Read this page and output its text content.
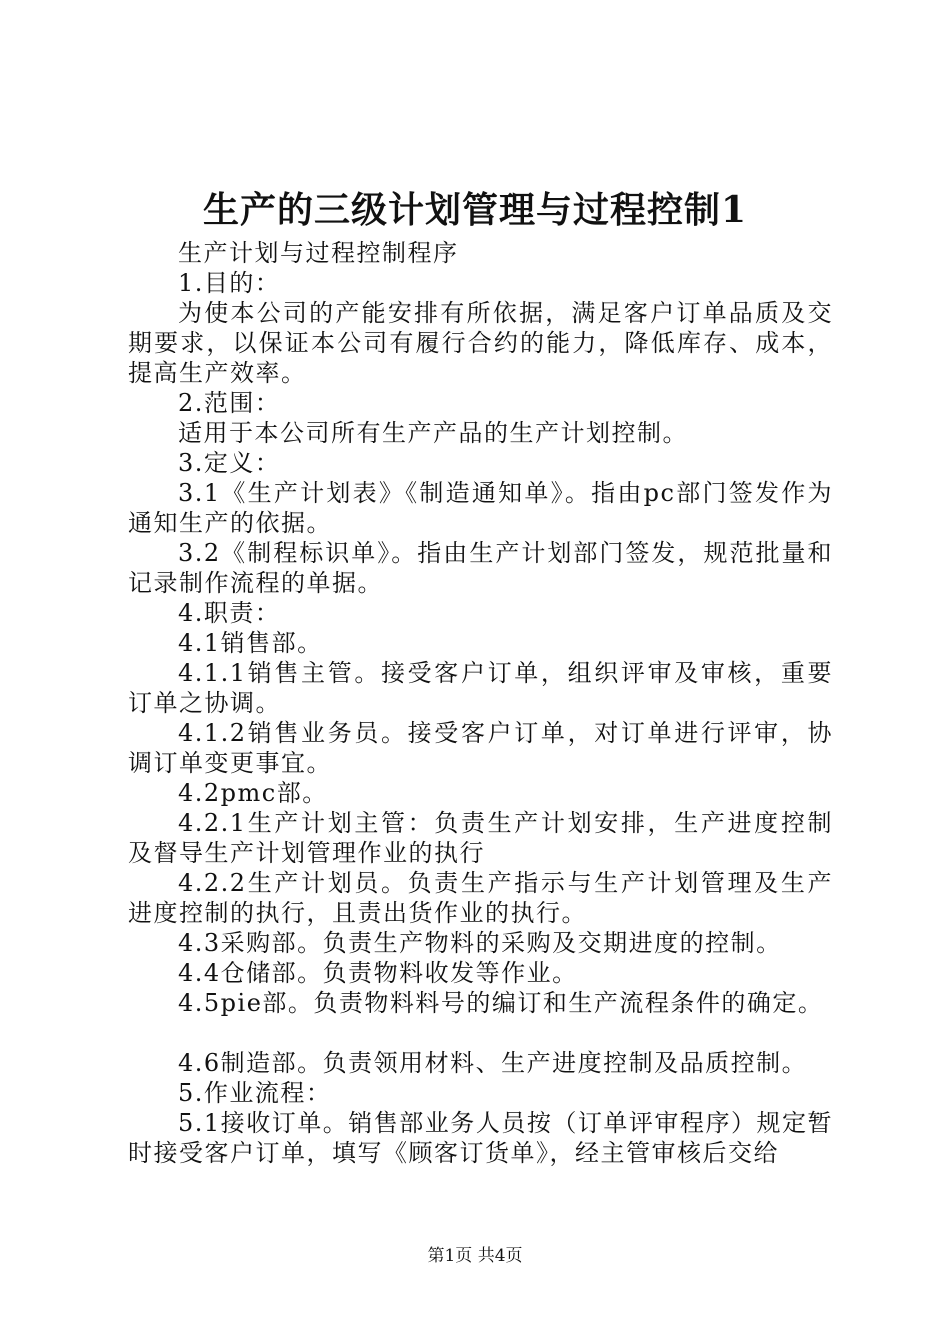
生产的三级计划管理与过程控制1

生产计划与过程控制程序

1.目的：

为使本公司的产能安排有所依据，满足客户订单品质及交期要求，以保证本公司有履行合约的能力，降低库存、成本，提高生产效率。

2.范围：

适用于本公司所有生产产品的生产计划控制。

3.定义：

3.1《生产计划表》《制造通知单》。指由pc部门签发作为通知生产的依据。

3.2《制程标识单》。指由生产计划部门签发，规范批量和记录制作流程的单据。

4.职责：

4.1销售部。

4.1.1销售主管。接受客户订单，组织评审及审核，重要订单之协调。

4.1.2销售业务员。接受客户订单，对订单进行评审，协调订单变更事宜。

4.2pmc部。

4.2.1生产计划主管：负责生产计划安排，生产进度控制及督导生产计划管理作业的执行

4.2.2生产计划员。负责生产指示与生产计划管理及生产进度控制的执行，且责出货作业的执行。

4.3采购部。负责生产物料的采购及交期进度的控制。

4.4仓储部。负责物料收发等作业。

4.5pie部。负责物料料号的编订和生产流程条件的确定。

4.6制造部。负责领用材料、生产进度控制及品质控制。

5.作业流程：

5.1接收订单。销售部业务人员按（订单评审程序）规定暂时接受客户订单，填写《顾客订货单》，经主管审核后交给

第1页 共4页
